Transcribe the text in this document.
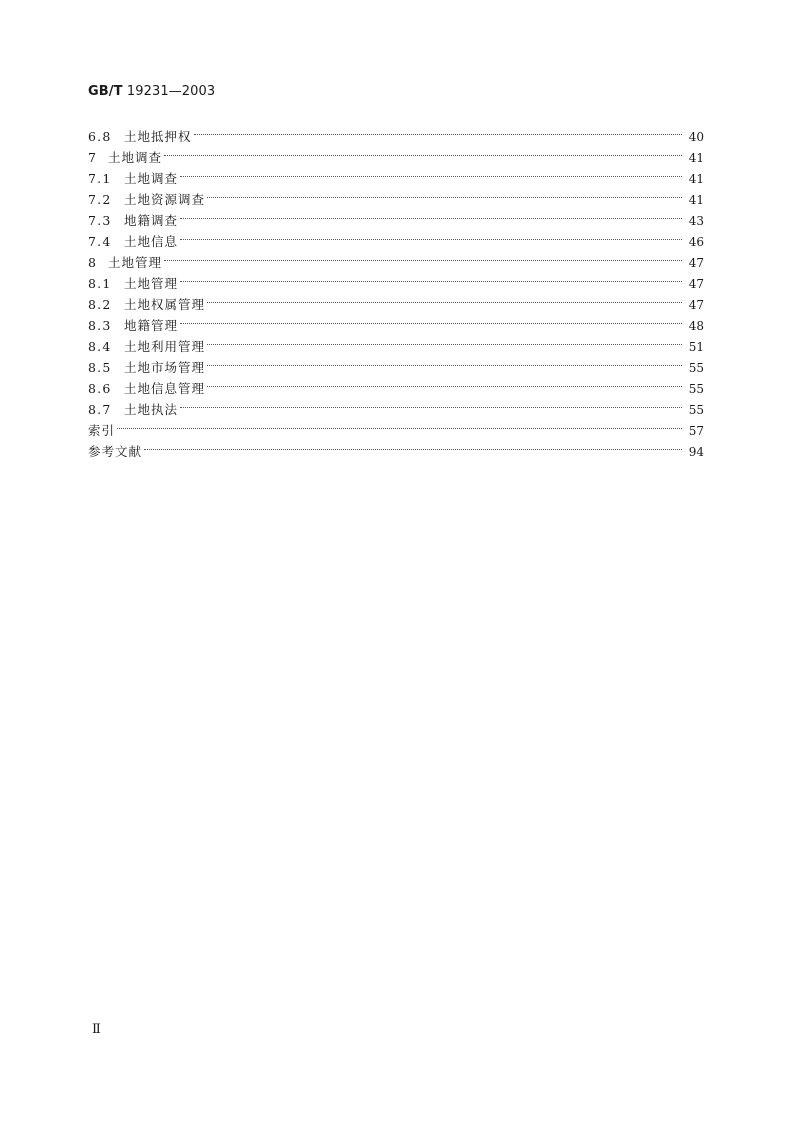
GB/T 19231—2003
6.8	土地抵押权	40
7 土地调查	41
7.1	土地调查	41
7.2	土地资源调查	41
7.3	地籍调查	43
7.4	土地信息	46
8 土地管理	47
8.1	土地管理	47
8.2	土地权属管理	47
8.3	地籍管理	48
8.4	土地利用管理	51
8.5	土地市场管理	55
8.6	土地信息管理	55
8.7	土地执法	55
索引	57
参考文献	94
Ⅱ
